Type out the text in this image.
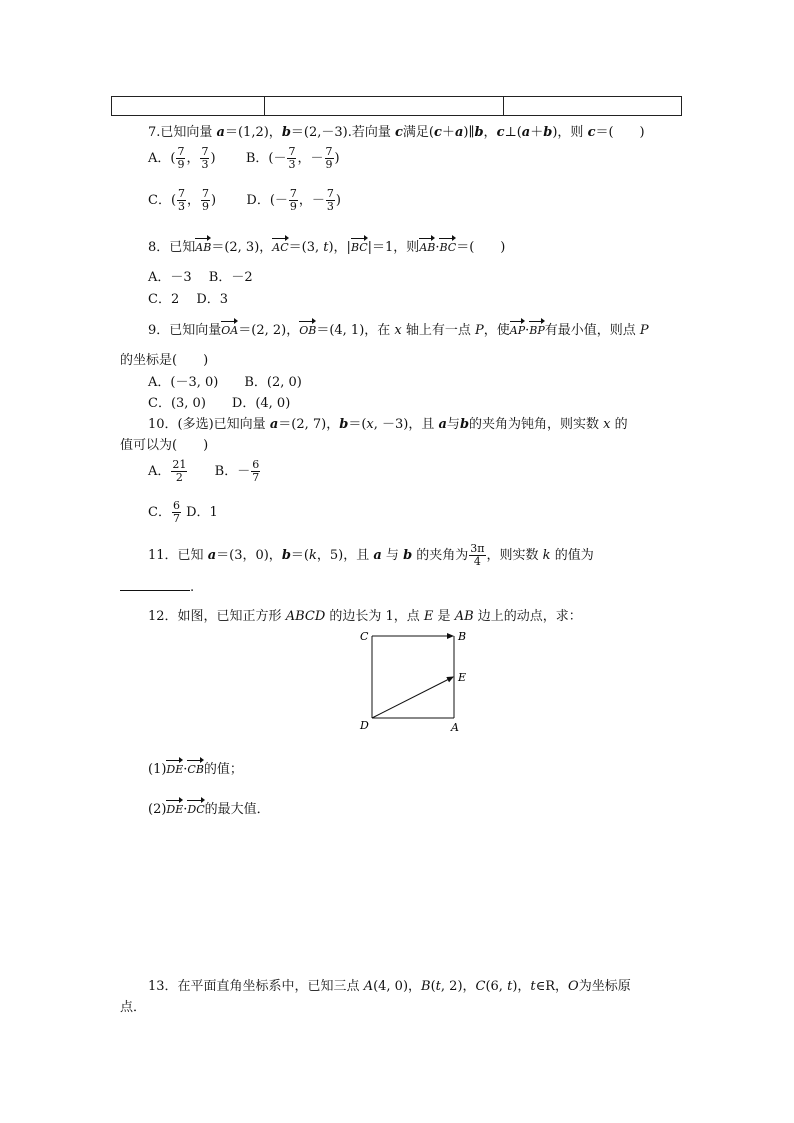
7.已知向量 a＝(1,2)，b＝(2,－3).若向量 c满足(c＋a)∥b，c⊥(a＋b)，则 c＝(　　)
A．( $\frac{7}{9}$ ， $\frac{7}{3}$ ) B．(－ $\frac{7}{3}$ ，－ $\frac{7}{9}$ )
C．( $\frac{7}{3}$ ， $\frac{7}{9}$ ) D．(－ $\frac{7}{9}$ ，－ $\frac{7}{3}$ )
8．已知AB＝(2, 3)，AC＝(3, t)，|BC|＝1，则AB·BC＝(　　)
A．－3　 B．－2
C．2　 D．3
9．已知向量OA＝(2, 2)，OB＝(4, 1)，在 x 轴上有一点 P，使AP·BP有最小值，则点 P
的坐标是(　　)
A．(－3, 0)　　B．(2, 0)
C．(3, 0)　　D．(4, 0)
10．(多选)已知向量 a＝(2, 7)，b＝(x, －3)，且 a与b的夹角为钝角，则实数 x 的
值可以为(　　)
A． $\frac{21}{2}$ B．－ $\frac{6}{7}$
C． $\frac{6}{7}$ D．1
11．已知 a＝(3，0)，b＝(k，5)，且 a 与 b 的夹角为 $\frac{3\pi}{4}$ ，则实数 k 的值为
.
12．如图，已知正方形 ABCD 的边长为 1，点 E 是 AB 边上的动点，求：
C	B
E
D	A
(1)DE·CB的值；
(2)DE·DC的最大值．
13．在平面直角坐标系中，已知三点 A(4, 0)，B(t, 2)，C(6, t)，t∈R，O为坐标原
点．
